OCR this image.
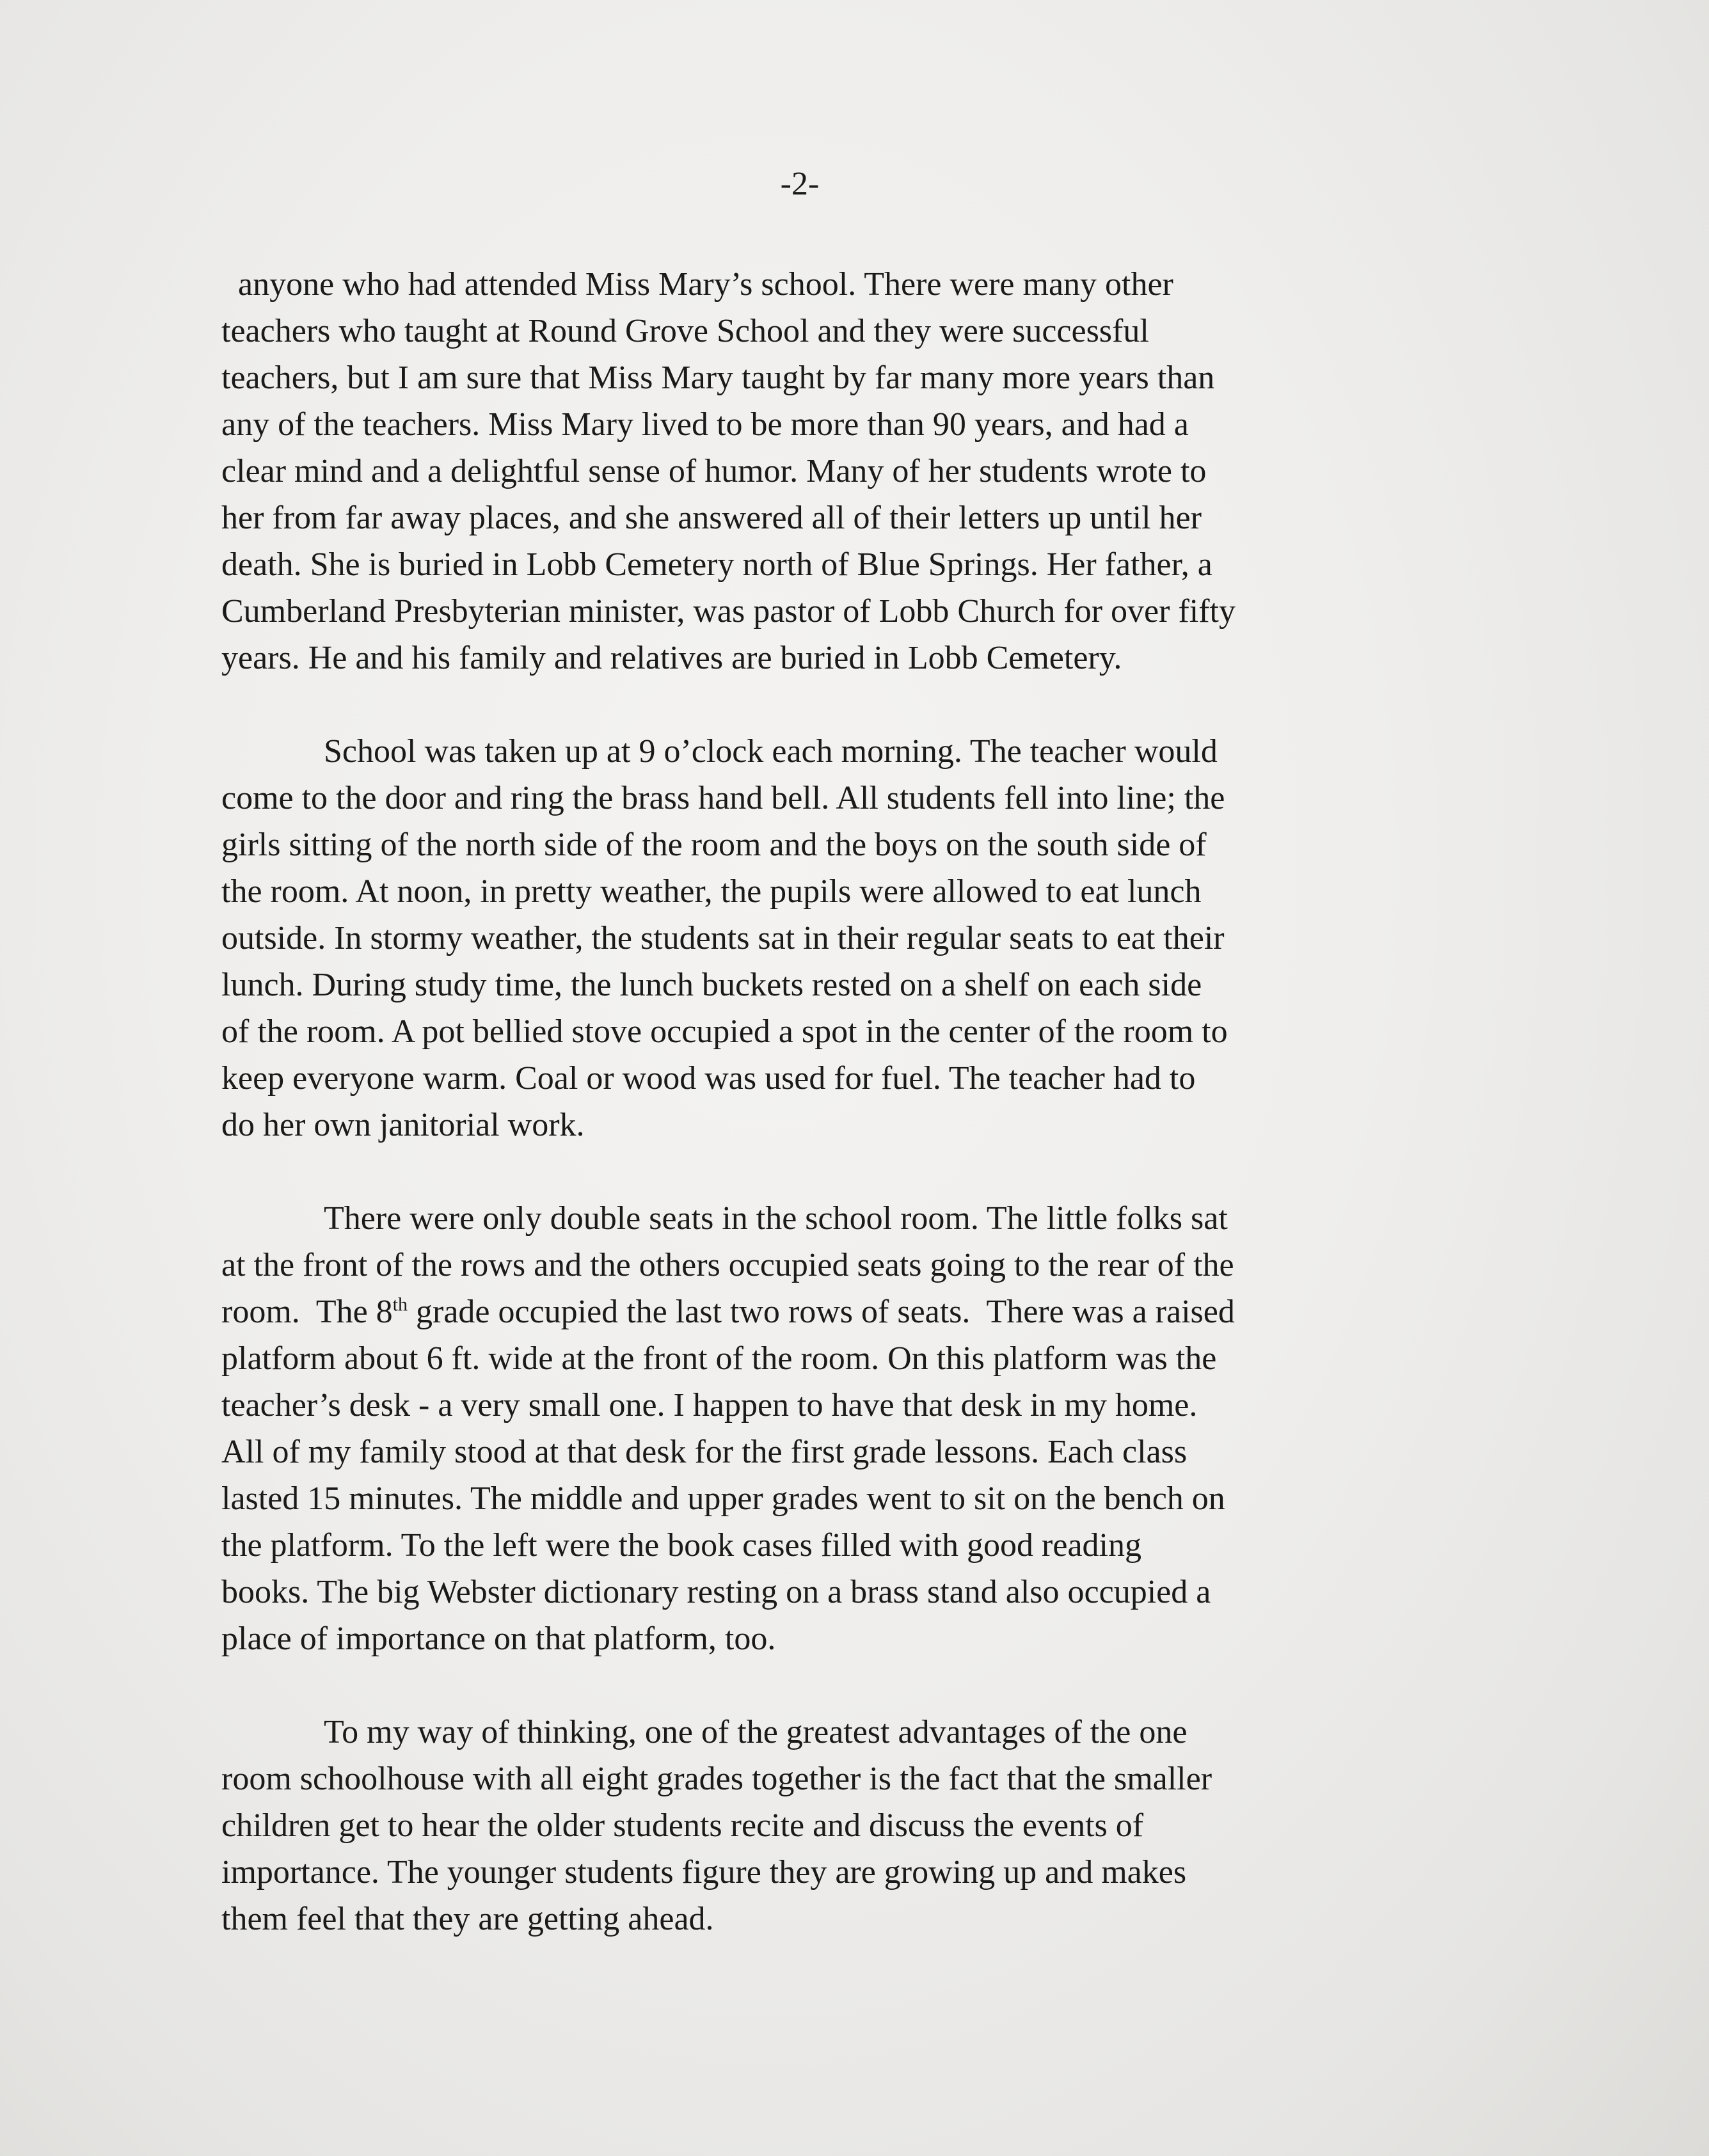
-2-
anyone who had attended Miss Mary’s school. There were many other
teachers who taught at Round Grove School and they were successful
teachers, but I am sure that Miss Mary taught by far many more years than
any of the teachers. Miss Mary lived to be more than 90 years, and had a
clear mind and a delightful sense of humor. Many of her students wrote to
her from far away places, and she answered all of their letters up until her
death. She is buried in Lobb Cemetery north of Blue Springs. Her father, a
Cumberland Presbyterian minister, was pastor of Lobb Church for over fifty
years. He and his family and relatives are buried in Lobb Cemetery.
School was taken up at 9 o’clock each morning. The teacher would
come to the door and ring the brass hand bell. All students fell into line; the
girls sitting of the north side of the room and the boys on the south side of
the room. At noon, in pretty weather, the pupils were allowed to eat lunch
outside. In stormy weather, the students sat in their regular seats to eat their
lunch. During study time, the lunch buckets rested on a shelf on each side
of the room. A pot bellied stove occupied a spot in the center of the room to
keep everyone warm. Coal or wood was used for fuel. The teacher had to
do her own janitorial work.
There were only double seats in the school room. The little folks sat
at the front of the rows and the others occupied seats going to the rear of the
room.  The 8th grade occupied the last two rows of seats.  There was a raised
platform about 6 ft. wide at the front of the room. On this platform was the
teacher’s desk - a very small one. I happen to have that desk in my home.
All of my family stood at that desk for the first grade lessons. Each class
lasted 15 minutes. The middle and upper grades went to sit on the bench on
the platform. To the left were the book cases filled with good reading
books. The big Webster dictionary resting on a brass stand also occupied a
place of importance on that platform, too.
To my way of thinking, one of the greatest advantages of the one
room schoolhouse with all eight grades together is the fact that the smaller
children get to hear the older students recite and discuss the events of
importance. The younger students figure they are growing up and makes
them feel that they are getting ahead.
